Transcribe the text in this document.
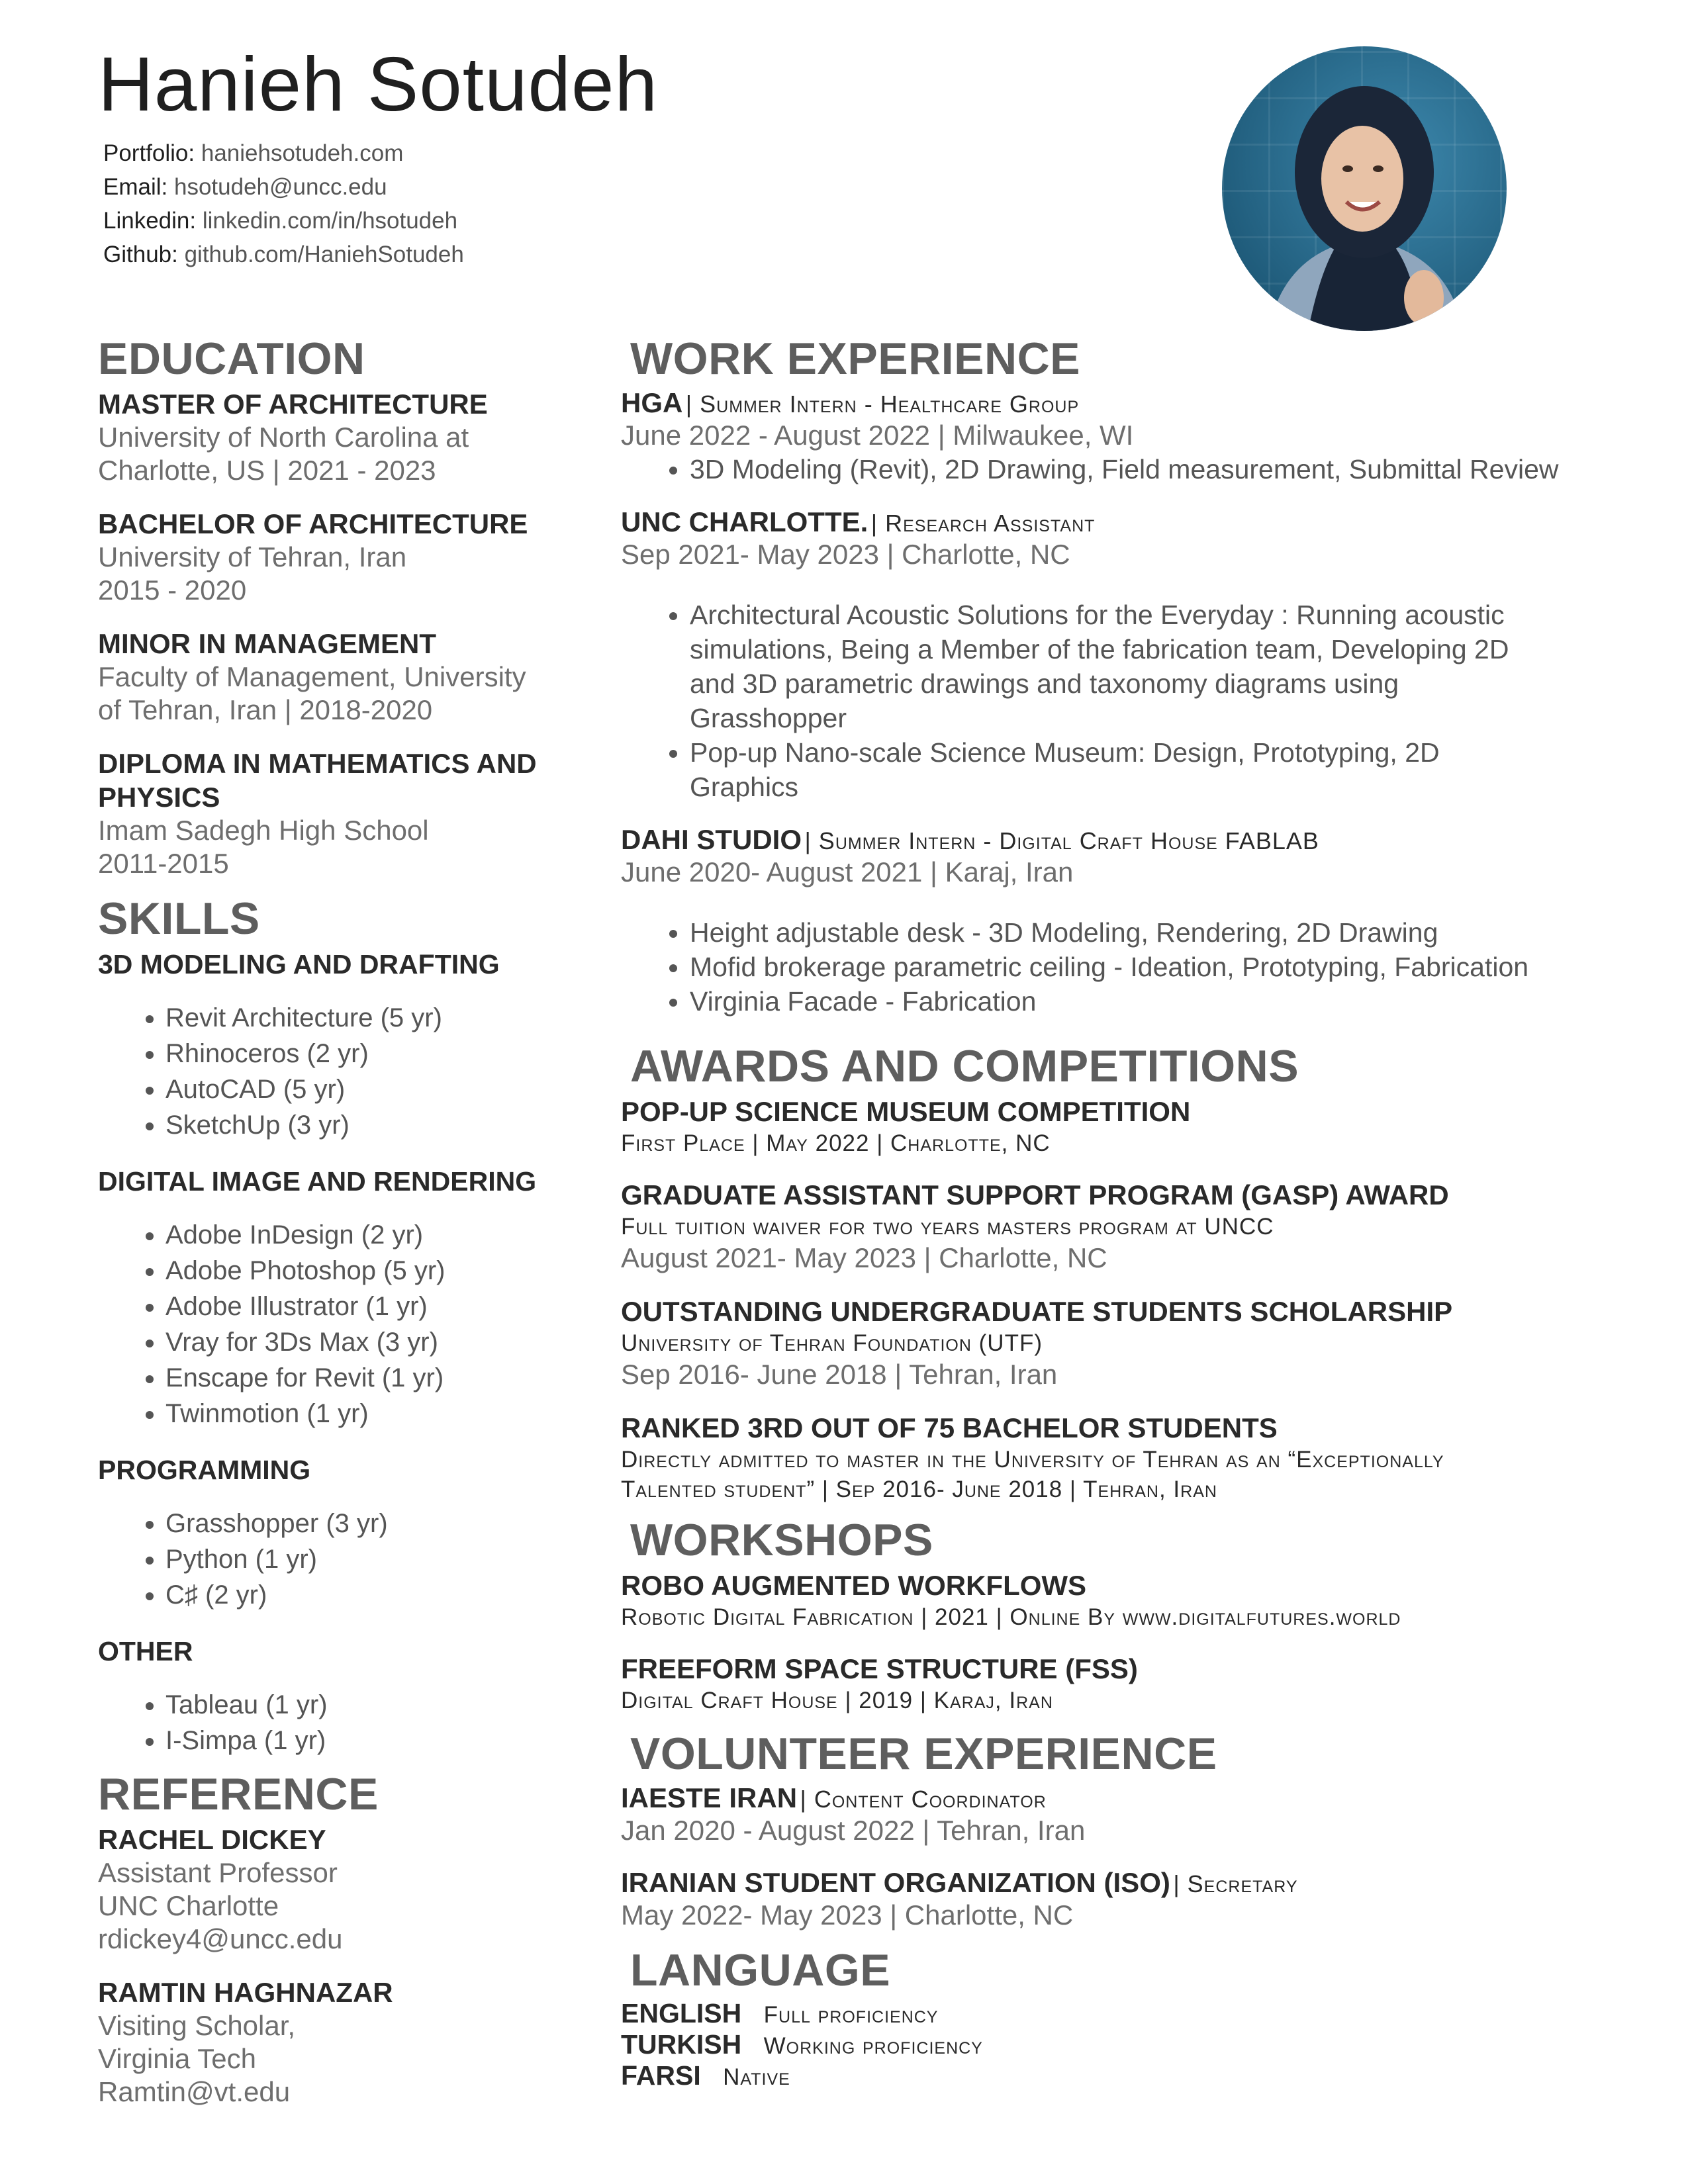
Hanieh Sotudeh
Portfolio: haniehsotudeh.com
Email: hsotudeh@uncc.edu
Linkedin: linkedin.com/in/hsotudeh
Github: github.com/HaniehSotudeh
EDUCATION

MASTER OF ARCHITECTURE

University of North Carolina at
Charlotte, US | 2021 - 2023

BACHELOR OF ARCHITECTURE

University of Tehran, Iran
2015 - 2020

MINOR IN MANAGEMENT

Faculty of Management, University
of Tehran, Iran | 2018-2020

DIPLOMA IN MATHEMATICS AND PHYSICS

Imam Sadegh High School
2011-2015
SKILLS

3D MODELING AND DRAFTING

• Revit Architecture (5 yr)
• Rhinoceros (2 yr)
• AutoCAD (5 yr)
• SketchUp (3 yr)

DIGITAL IMAGE AND RENDERING

• Adobe InDesign (2 yr)
• Adobe Photoshop (5 yr)
• Adobe Illustrator (1 yr)
• Vray for 3Ds Max (3 yr)
• Enscape for Revit (1 yr)
• Twinmotion (1 yr)

PROGRAMMING

• Grasshopper (3 yr)
• Python (1 yr)
• C♯ (2 yr)

OTHER

• Tableau (1 yr)
• I-Simpa (1 yr)
REFERENCE

RACHEL DICKEY

Assistant Professor
UNC Charlotte
rdickey4@uncc.edu

RAMTIN HAGHNAZAR

Visiting Scholar,
Virginia Tech
Ramtin@vt.edu
WORK EXPERIENCE
HGA | Summer Intern - Healthcare Group
June 2022 - August 2022 | Milwaukee, WI
• 3D Modeling (Revit), 2D Drawing, Field measurement, Submittal Review
UNC CHARLOTTE. | Research Assistant
Sep 2021- May 2023 | Charlotte, NC
• Architectural Acoustic Solutions for the Everyday : Running acoustic simulations, Being a Member of the fabrication team, Developing 2D and 3D parametric drawings and taxonomy diagrams using Grasshopper
• Pop-up Nano-scale Science Museum: Design, Prototyping, 2D Graphics
DAHI STUDIO | Summer Intern - Digital Craft House FABLAB
June 2020- August 2021 | Karaj, Iran
• Height adjustable desk - 3D Modeling, Rendering, 2D Drawing
• Mofid brokerage parametric ceiling - Ideation, Prototyping, Fabrication
• Virginia Facade - Fabrication
AWARDS AND COMPETITIONS

POP-UP SCIENCE MUSEUM COMPETITION

First Place | May 2022 | Charlotte, NC

GRADUATE ASSISTANT SUPPORT PROGRAM (GASP) AWARD

Full tuition waiver for two years masters program at UNCC
August 2021- May 2023 | Charlotte, NC

OUTSTANDING UNDERGRADUATE STUDENTS SCHOLARSHIP

University of Tehran Foundation (UTF)
Sep 2016- June 2018 | Tehran, Iran

RANKED 3RD OUT OF 75 BACHELOR STUDENTS

Directly admitted to master in the University of Tehran as an “Exceptionally Talented student” | Sep 2016- June 2018 | Tehran, Iran
WORKSHOPS

ROBO AUGMENTED WORKFLOWS

Robotic Digital Fabrication | 2021 | Online By www.digitalfutures.world

FREEFORM SPACE STRUCTURE (FSS)

Digital Craft House | 2019 | Karaj, Iran
VOLUNTEER EXPERIENCE
IAESTE IRAN | Content Coordinator
Jan 2020 - August 2022 | Tehran, Iran
IRANIAN STUDENT ORGANIZATION (ISO) | Secretary
May 2022- May 2023 | Charlotte, NC
LANGUAGE
ENGLISH Full proficiency
TURKISH Working proficiency
FARSI Native
